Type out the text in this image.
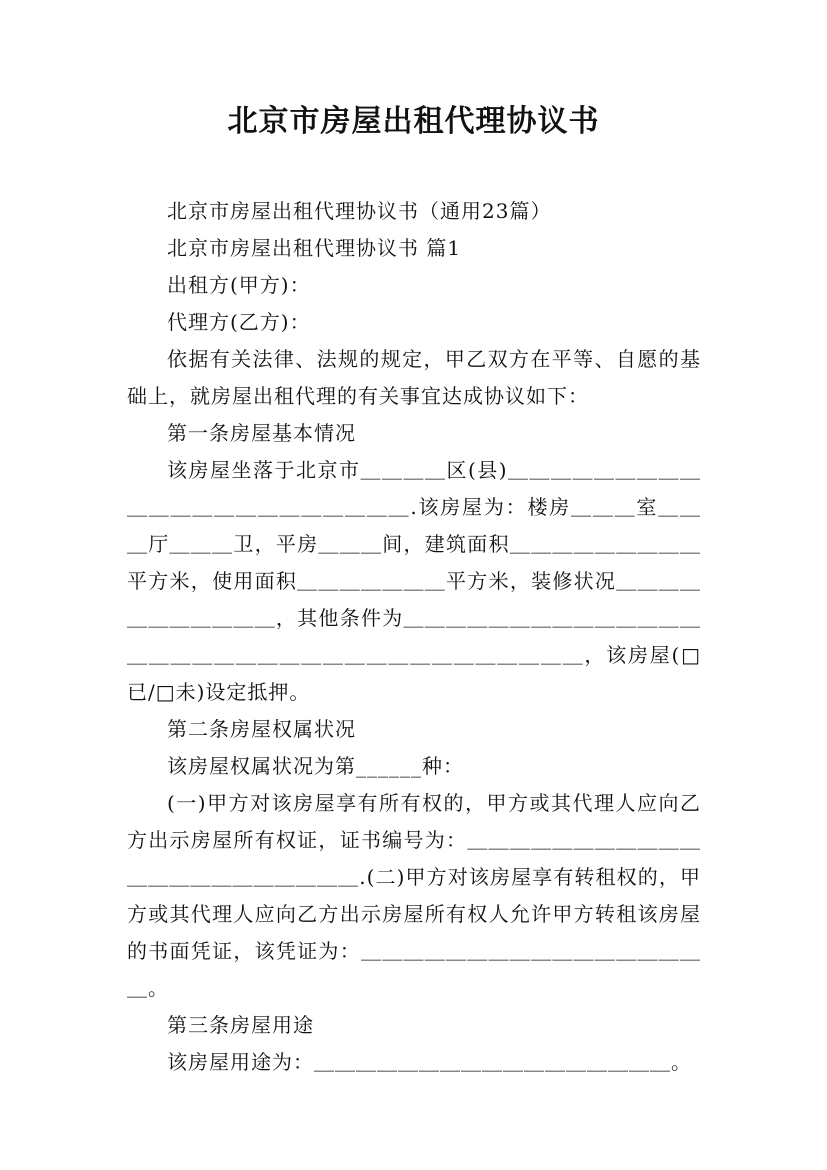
北京市房屋出租代理协议书

北京市房屋出租代理协议书（通用23篇）

北京市房屋出租代理协议书 篇1

出租方(甲方)：

代理方(乙方)：

依据有关法律、法规的规定，甲乙双方在平等、自愿的基础上，就房屋出租代理的有关事宜达成协议如下：

第一条房屋基本情况

该房屋坐落于北京市＿＿＿＿区(县)＿＿＿＿＿＿＿＿＿＿＿＿＿＿＿＿＿＿＿＿＿＿.该房屋为：楼房＿＿＿室＿＿＿厅＿＿＿卫，平房＿＿＿间，建筑面积＿＿＿＿＿＿＿＿＿平方米，使用面积＿＿＿＿＿＿＿平方米，装修状况＿＿＿＿＿＿＿＿＿＿＿，其他条件为＿＿＿＿＿＿＿＿＿＿＿＿＿＿＿＿＿＿＿＿＿＿＿＿＿＿＿＿＿＿＿＿＿＿＿，该房屋(□已/□未)设定抵押。

第二条房屋权属状况

该房屋权属状况为第______种：

(一)甲方对该房屋享有所有权的，甲方或其代理人应向乙方出示房屋所有权证，证书编号为：＿＿＿＿＿＿＿＿＿＿＿＿＿＿＿＿＿＿＿＿＿＿.(二)甲方对该房屋享有转租权的，甲方或其代理人应向乙方出示房屋所有权人允许甲方转租该房屋的书面凭证，该凭证为：＿＿＿＿＿＿＿＿＿＿＿＿＿＿＿＿＿。

第三条房屋用途

该房屋用途为：＿＿＿＿＿＿＿＿＿＿＿＿＿＿＿＿＿。
